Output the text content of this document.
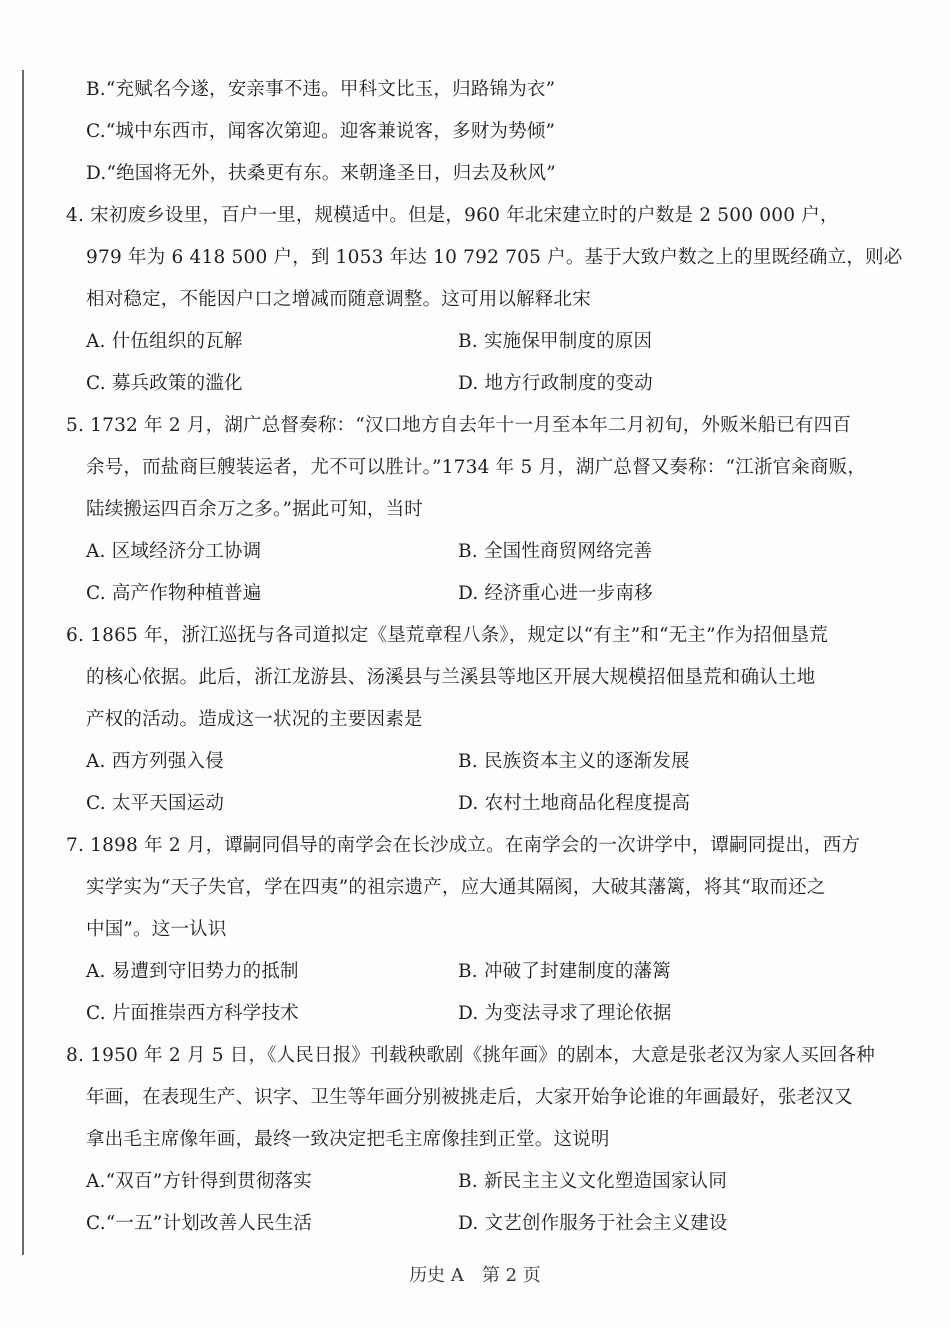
B.“充赋名今遂，安亲事不违。甲科文比玉，归路锦为衣”
C.“城中东西市，闻客次第迎。迎客兼说客，多财为势倾”
D.“绝国将无外，扶桑更有东。来朝逢圣日，归去及秋风”
4. 宋初废乡设里，百户一里，规模适中。但是，960 年北宋建立时的户数是 2 500 000 户，
979 年为 6 418 500 户，到 1053 年达 10 792 705 户。基于大致户数之上的里既经确立，则必
相对稳定，不能因户口之增减而随意调整。这可用以解释北宋
A. 什伍组织的瓦解	B. 实施保甲制度的原因
C. 募兵政策的滥化	D. 地方行政制度的变动
5. 1732 年 2 月，湖广总督奏称：“汉口地方自去年十一月至本年二月初旬，外贩米船已有四百
余号，而盐商巨艘装运者，尤不可以胜计。”1734 年 5 月，湖广总督又奏称：“江浙官籴商贩，
陆续搬运四百余万之多。”据此可知，当时
A. 区域经济分工协调	B. 全国性商贸网络完善
C. 高产作物种植普遍	D. 经济重心进一步南移
6. 1865 年，浙江巡抚与各司道拟定《垦荒章程八条》，规定以“有主”和“无主”作为招佃垦荒
的核心依据。此后，浙江龙游县、汤溪县与兰溪县等地区开展大规模招佃垦荒和确认土地
产权的活动。造成这一状况的主要因素是
A. 西方列强入侵	B. 民族资本主义的逐渐发展
C. 太平天国运动	D. 农村土地商品化程度提高
7. 1898 年 2 月，谭嗣同倡导的南学会在长沙成立。在南学会的一次讲学中，谭嗣同提出，西方
实学实为“天子失官，学在四夷”的祖宗遗产，应大通其隔阂，大破其藩篱，将其“取而还之
中国”。这一认识
A. 易遭到守旧势力的抵制	B. 冲破了封建制度的藩篱
C. 片面推崇西方科学技术	D. 为变法寻求了理论依据
8. 1950 年 2 月 5 日，《人民日报》刊载秧歌剧《挑年画》的剧本，大意是张老汉为家人买回各种
年画，在表现生产、识字、卫生等年画分别被挑走后，大家开始争论谁的年画最好，张老汉又
拿出毛主席像年画，最终一致决定把毛主席像挂到正堂。这说明
A.“双百”方针得到贯彻落实	B. 新民主主义文化塑造国家认同
C.“一五”计划改善人民生活	D. 文艺创作服务于社会主义建设
历史 A　第 2 页
